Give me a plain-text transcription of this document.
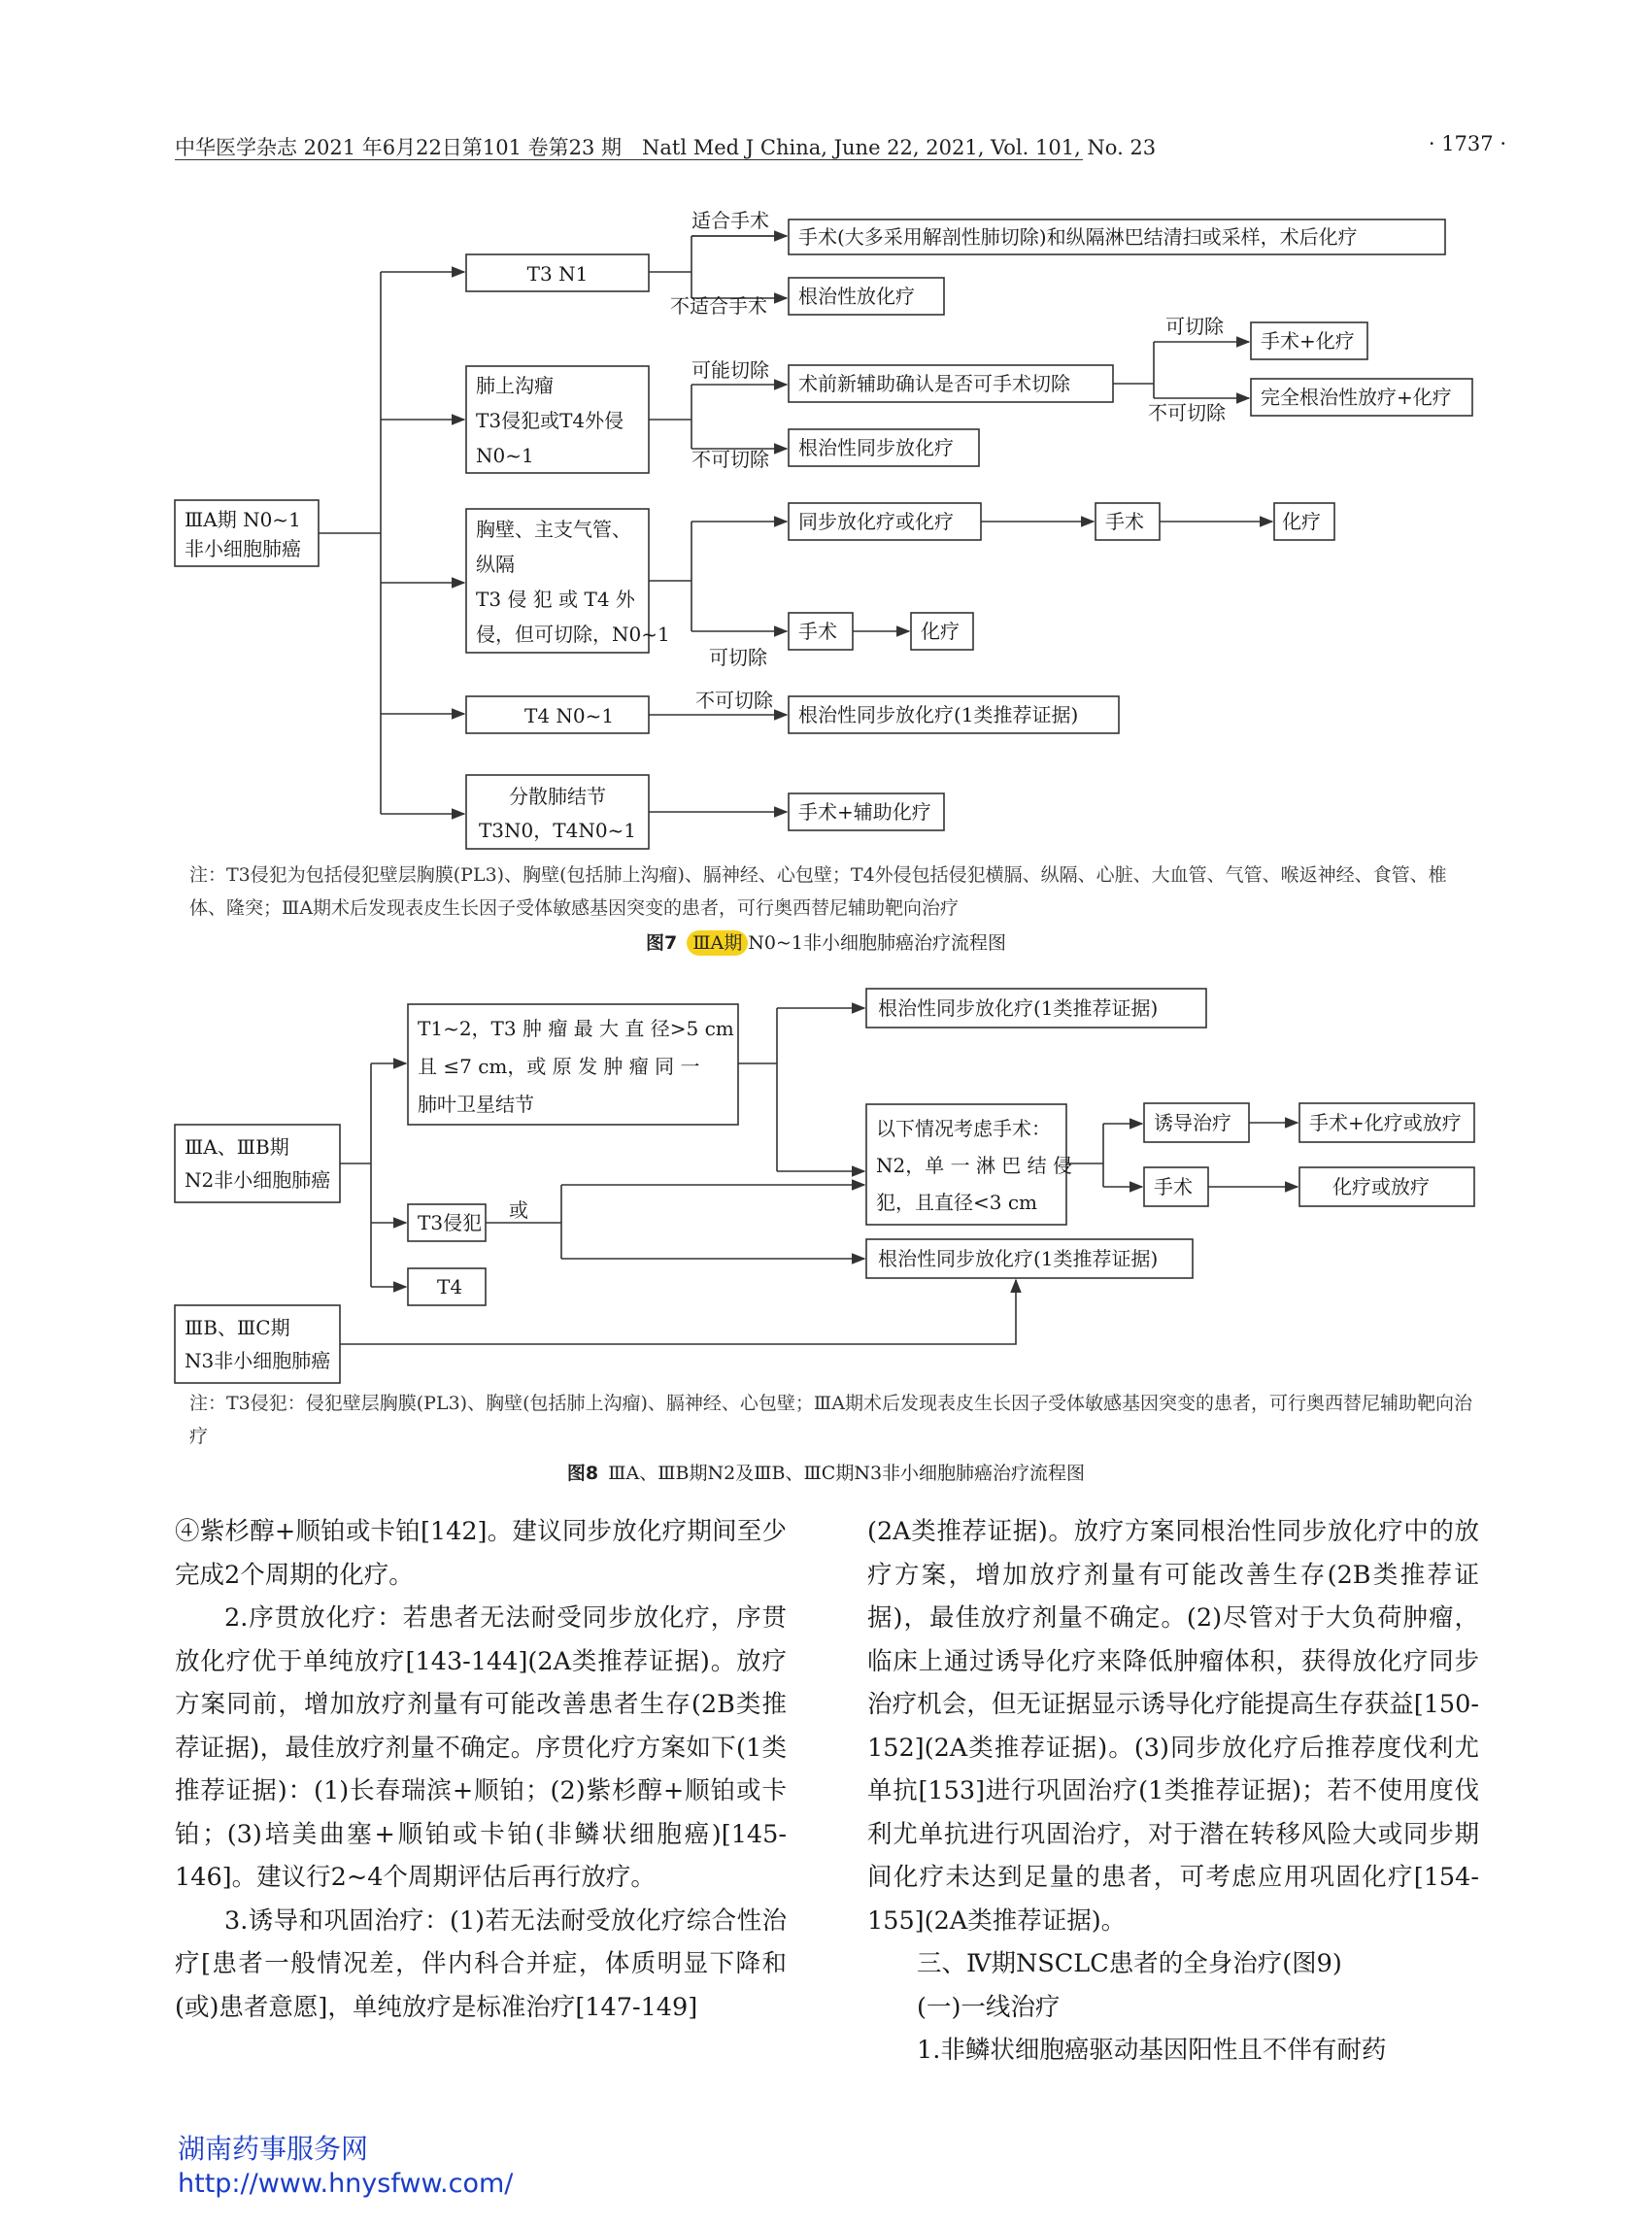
中华医学杂志 2021 年6月22日第101 卷第23 期　Natl Med J China, June 22, 2021, Vol. 101, No. 23	· 1737 ·
ⅢA期 N0~1
非小细胞肺癌
T3 N1
适合手术
不适合手术
手术(大多采用解剖性肺切除)和纵隔淋巴结清扫或采样，术后化疗
根治性放化疗
肺上沟瘤
T3侵犯或T4外侵
N0~1
可能切除
不可切除
术前新辅助确认是否可手术切除
根治性同步放化疗
可切除
不可切除
手术+化疗
完全根治性放疗+化疗
胸壁、主支气管、
纵隔
T3 侵 犯 或 T4 外
侵，但可切除，N0~1
可切除
同步放化疗或化疗	手术	化疗
手术	化疗
T4 N0~1
不可切除
根治性同步放化疗(1类推荐证据)
分散肺结节
T3N0，T4N0~1
手术+辅助化疗
注：T3侵犯为包括侵犯壁层胸膜(PL3)、胸壁(包括肺上沟瘤)、膈神经、心包壁；T4外侵包括侵犯横膈、纵隔、心脏、大血管、气管、喉返神经、食管、椎体、隆突；ⅢA期术后发现表皮生长因子受体敏感基因突变的患者，可行奥西替尼辅助靶向治疗
图7 ⅢA期 N0~1非小细胞肺癌治疗流程图
ⅢA、ⅢB期
N2非小细胞肺癌
T1~2，T3 肿 瘤 最 大 直 径>5 cm
且 ≤7 cm，或 原 发 肿 瘤 同 一
肺叶卫星结节
根治性同步放化疗(1类推荐证据)
以下情况考虑手术：
N2，单 一 淋 巴 结 侵
犯，且直径<3 cm
诱导治疗	手术+化疗或放疗
手术	化疗或放疗
T3侵犯
或
根治性同步放化疗(1类推荐证据)
T4
ⅢB、ⅢC期
N3非小细胞肺癌
注：T3侵犯：侵犯壁层胸膜(PL3)、胸壁(包括肺上沟瘤)、膈神经、心包壁；ⅢA期术后发现表皮生长因子受体敏感基因突变的患者，可行奥西替尼辅助靶向治疗
图8 ⅢA、ⅢB期N2及ⅢB、ⅢC期N3非小细胞肺癌治疗流程图

④紫杉醇+顺铂或卡铂[142]。建议同步放化疗期间至少完成2个周期的化疗。

2.序贯放化疗：若患者无法耐受同步放化疗，序贯放化疗优于单纯放疗[143-144](2A类推荐证据)。放疗方案同前，增加放疗剂量有可能改善患者生存(2B类推荐证据)，最佳放疗剂量不确定。序贯化疗方案如下(1类推荐证据)：(1)长春瑞滨+顺铂；(2)紫杉醇+顺铂或卡铂；(3)培美曲塞+顺铂或卡铂(非鳞状细胞癌)[145-146]。建议行2~4个周期评估后再行放疗。

3.诱导和巩固治疗：(1)若无法耐受放化疗综合性治疗[患者一般情况差，伴内科合并症，体质明显下降和(或)患者意愿]，单纯放疗是标准治疗[147-149]

(2A类推荐证据)。放疗方案同根治性同步放化疗中的放疗方案，增加放疗剂量有可能改善生存(2B类推荐证据)，最佳放疗剂量不确定。(2)尽管对于大负荷肿瘤，临床上通过诱导化疗来降低肿瘤体积，获得放化疗同步治疗机会，但无证据显示诱导化疗能提高生存获益[150-152](2A类推荐证据)。(3)同步放化疗后推荐度伐利尤单抗[153]进行巩固治疗(1类推荐证据)；若不使用度伐利尤单抗进行巩固治疗，对于潜在转移风险大或同步期间化疗未达到足量的患者，可考虑应用巩固化疗[154-155](2A类推荐证据)。

三、Ⅳ期NSCLC患者的全身治疗(图9)

(一)一线治疗

1.非鳞状细胞癌驱动基因阳性且不伴有耐药

湖南药事服务网
http://www.hnysfww.com/
